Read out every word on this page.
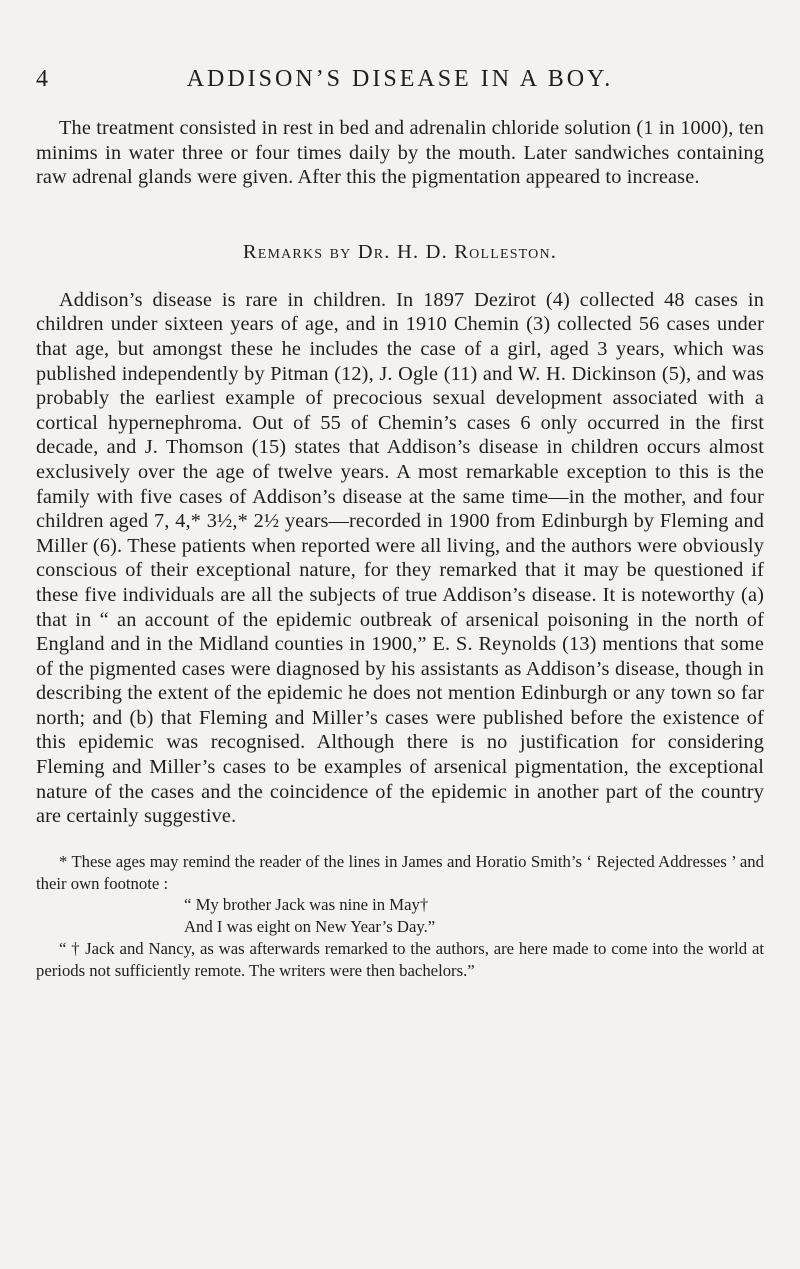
4	ADDISON’S DISEASE IN A BOY.

The treatment consisted in rest in bed and adrenalin chloride solution (1 in 1000), ten minims in water three or four times daily by the mouth. Later sandwiches containing raw adrenal glands were given. After this the pigmentation appeared to increase.

Remarks by Dr. H. D. Rolleston.

Addison’s disease is rare in children. In 1897 Dezirot (4) collected 48 cases in children under sixteen years of age, and in 1910 Chemin (3) collected 56 cases under that age, but amongst these he includes the case of a girl, aged 3 years, which was published independently by Pitman (12), J. Ogle (11) and W. H. Dickinson (5), and was probably the earliest example of precocious sexual development associated with a cortical hypernephroma. Out of 55 of Chemin’s cases 6 only occurred in the first decade, and J. Thomson (15) states that Addison’s disease in children occurs almost exclusively over the age of twelve years. A most remarkable exception to this is the family with five cases of Addison’s disease at the same time—in the mother, and four children aged 7, 4,* 3½,* 2½ years—recorded in 1900 from Edinburgh by Fleming and Miller (6). These patients when reported were all living, and the authors were obviously conscious of their exceptional nature, for they remarked that it may be questioned if these five individuals are all the subjects of true Addison’s disease. It is noteworthy (a) that in “ an account of the epidemic outbreak of arsenical poisoning in the north of England and in the Midland counties in 1900,” E. S. Reynolds (13) mentions that some of the pigmented cases were diagnosed by his assistants as Addison’s disease, though in describing the extent of the epidemic he does not mention Edinburgh or any town so far north; and (b) that Fleming and Miller’s cases were published before the existence of this epidemic was recognised. Although there is no justification for considering Fleming and Miller’s cases to be examples of arsenical pigmentation, the exceptional nature of the cases and the coincidence of the epidemic in another part of the country are certainly suggestive.

* These ages may remind the reader of the lines in James and Horatio Smith’s ‘ Rejected Addresses ’ and their own footnote :

“ My brother Jack was nine in May†

And I was eight on New Year’s Day.”

“ † Jack and Nancy, as was afterwards remarked to the authors, are here made to come into the world at periods not sufficiently remote. The writers were then bachelors.”
